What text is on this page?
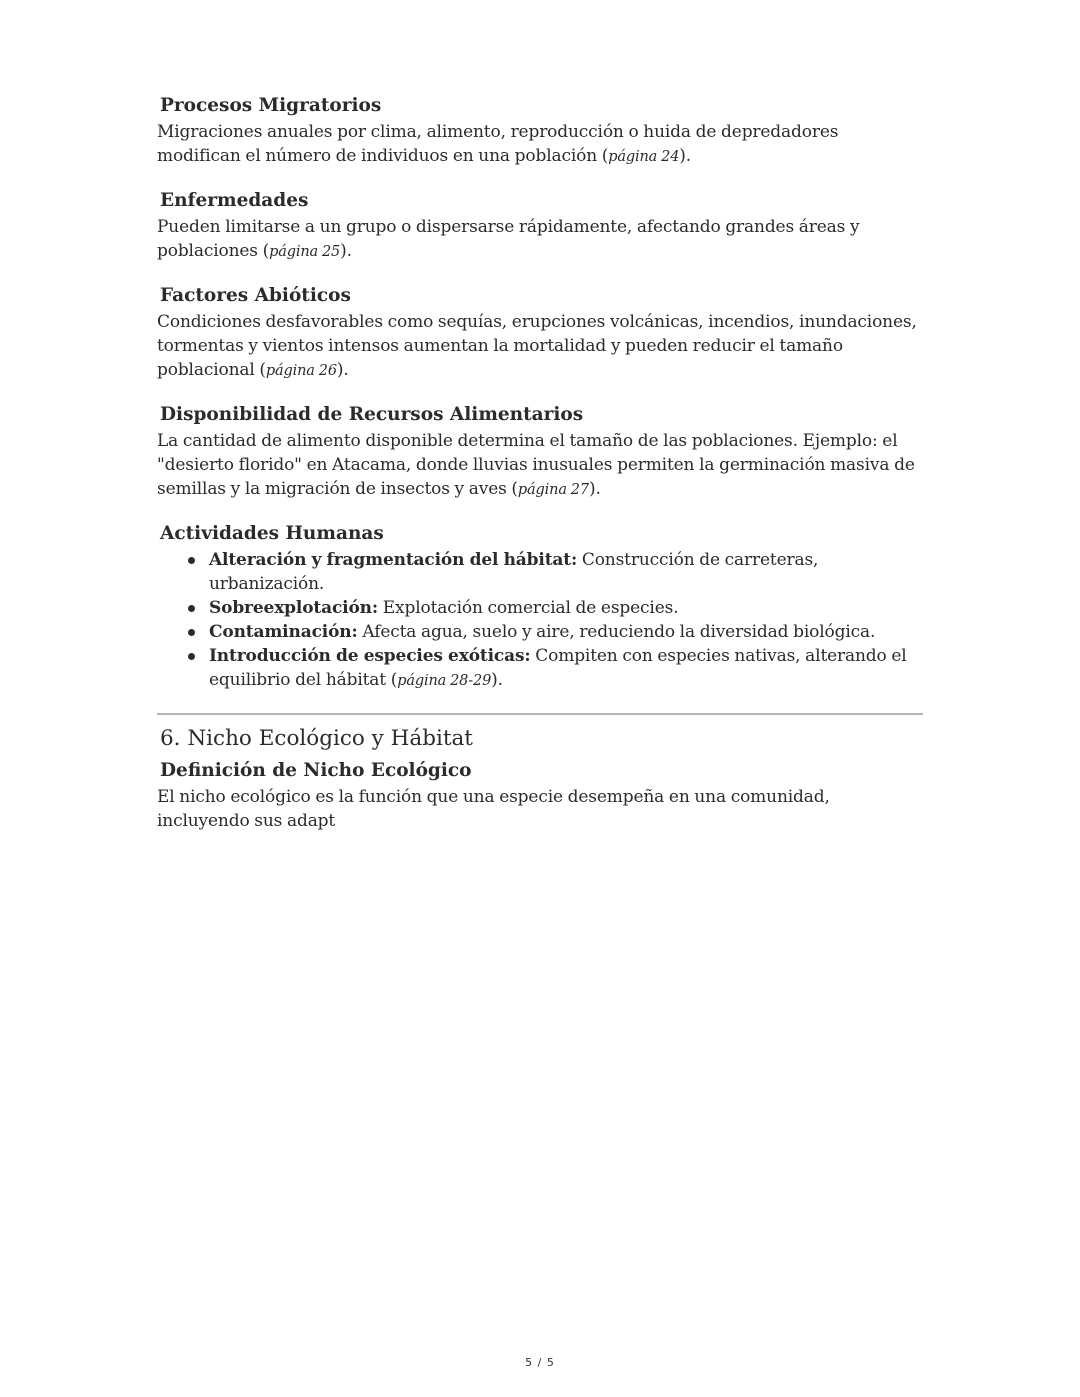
Procesos Migratorios

Migraciones anuales por clima, alimento, reproducción o huida de depredadores modifican el número de individuos en una población (página 24).

Enfermedades

Pueden limitarse a un grupo o dispersarse rápidamente, afectando grandes áreas y poblaciones (página 25).

Factores Abióticos

Condiciones desfavorables como sequías, erupciones volcánicas, incendios, inundaciones, tormentas y vientos intensos aumentan la mortalidad y pueden reducir el tamaño poblacional (página 26).

Disponibilidad de Recursos Alimentarios

La cantidad de alimento disponible determina el tamaño de las poblaciones. Ejemplo: el "desierto florido" en Atacama, donde lluvias inusuales permiten la germinación masiva de semillas y la migración de insectos y aves (página 27).

Actividades Humanas
Alteración y fragmentación del hábitat: Construcción de carreteras, urbanización.
Sobreexplotación: Explotación comercial de especies.
Contaminación: Afecta agua, suelo y aire, reduciendo la diversidad biológica.
Introducción de especies exóticas: Compiten con especies nativas, alterando el equilibrio del hábitat (página 28-29).
6. Nicho Ecológico y Hábitat
Definición de Nicho Ecológico

El nicho ecológico es la función que una especie desempeña en una comunidad, incluyendo sus adapt

5 / 5
